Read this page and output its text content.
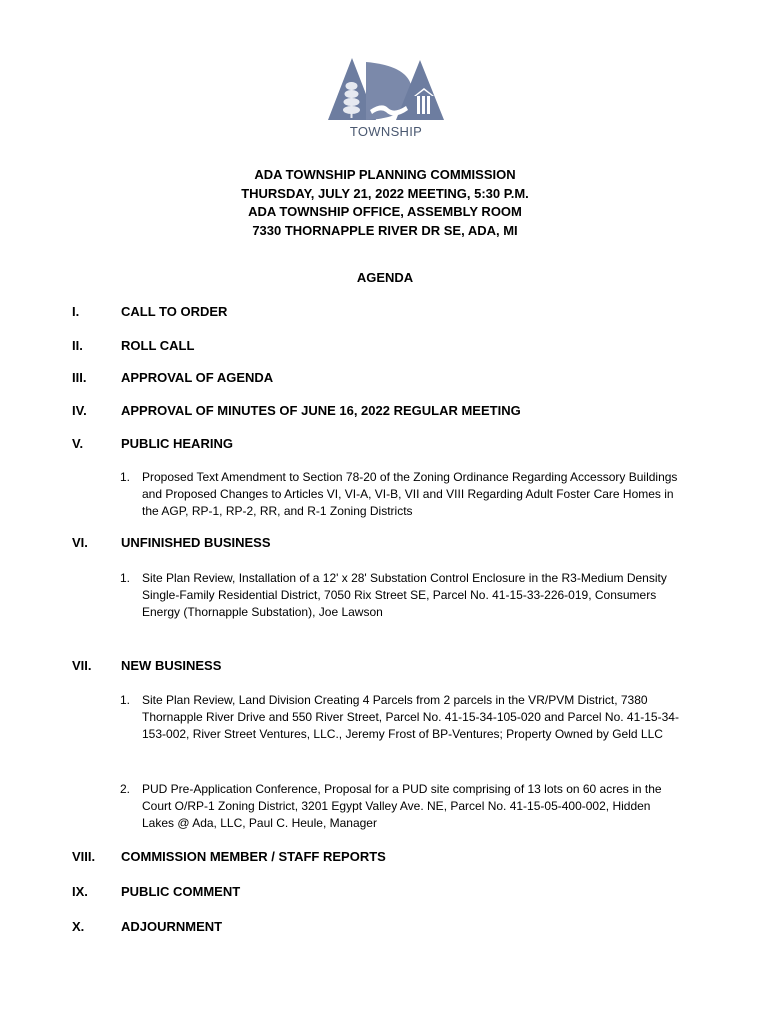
TOWNSHIP
ADA TOWNSHIP PLANNING COMMISSION
THURSDAY, JULY 21, 2022 MEETING, 5:30 P.M.
ADA TOWNSHIP OFFICE, ASSEMBLY ROOM
7330 THORNAPPLE RIVER DR SE, ADA, MI
AGENDA
I.	CALL TO ORDER
II.	ROLL CALL
III.	APPROVAL OF AGENDA
IV.	APPROVAL OF MINUTES OF JUNE 16, 2022 REGULAR MEETING
V.	PUBLIC HEARING
1. Proposed Text Amendment to Section 78-20 of the Zoning Ordinance Regarding Accessory Buildings and Proposed Changes to Articles VI, VI-A, VI-B, VII and VIII Regarding Adult Foster Care Homes in the AGP, RP-1, RP-2, RR, and R-1 Zoning Districts
VI.	UNFINISHED BUSINESS
1. Site Plan Review, Installation of a 12' x 28' Substation Control Enclosure in the R3-Medium Density Single-Family Residential District, 7050 Rix Street SE, Parcel No. 41-15-33-226-019, Consumers Energy (Thornapple Substation), Joe Lawson
VII.	NEW BUSINESS
1. Site Plan Review, Land Division Creating 4 Parcels from 2 parcels in the VR/PVM District, 7380 Thornapple River Drive and 550 River Street, Parcel No. 41-15-34-105-020 and Parcel No. 41-15-34-153-002, River Street Ventures, LLC., Jeremy Frost of BP-Ventures; Property Owned by Geld LLC
2. PUD Pre-Application Conference, Proposal for a PUD site comprising of 13 lots on 60 acres in the Court O/RP-1 Zoning District, 3201 Egypt Valley Ave. NE, Parcel No. 41-15-05-400-002, Hidden Lakes @ Ada, LLC, Paul C. Heule, Manager
VIII.	COMMISSION MEMBER / STAFF REPORTS
IX.	PUBLIC COMMENT
X.	ADJOURNMENT
